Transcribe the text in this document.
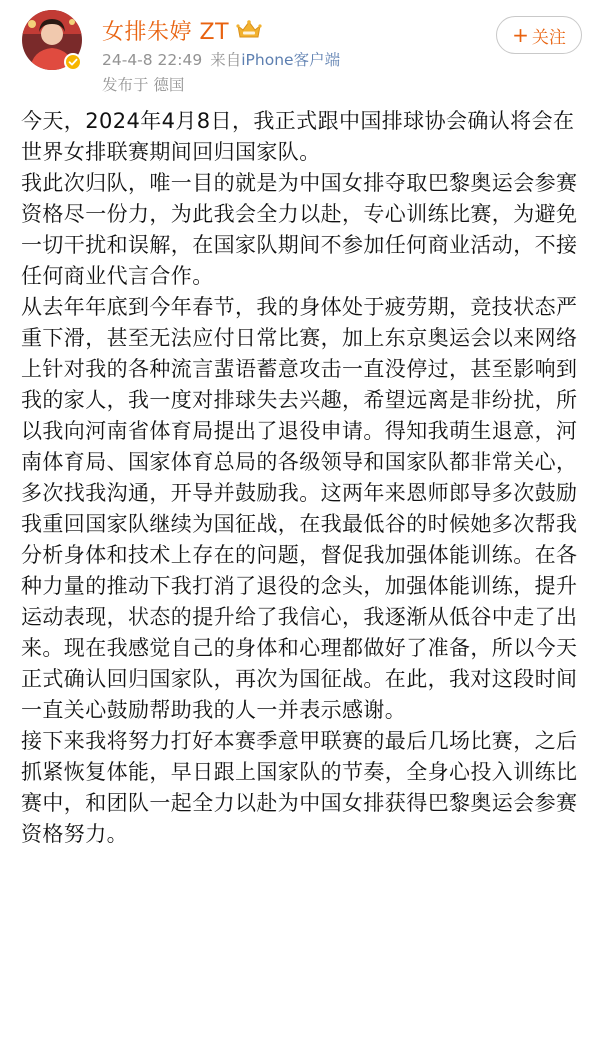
女排朱婷 ZT
24-4-8 22:49 来自iPhone客户端
发布于 德国
+ 关注

今天，2024年4月8日，我正式跟中国排球协会确认将会在世界女排联赛期间回归国家队。

我此次归队，唯一目的就是为中国女排夺取巴黎奥运会参赛资格尽一份力，为此我会全力以赴，专心训练比赛，为避免一切干扰和误解，在国家队期间不参加任何商业活动，不接任何商业代言合作。

从去年年底到今年春节，我的身体处于疲劳期，竞技状态严重下滑，甚至无法应付日常比赛，加上东京奥运会以来网络上针对我的各种流言蜚语蓄意攻击一直没停过，甚至影响到我的家人，我一度对排球失去兴趣，希望远离是非纷扰，所以我向河南省体育局提出了退役申请。得知我萌生退意，河南体育局、国家体育总局的各级领导和国家队都非常关心，多次找我沟通，开导并鼓励我。这两年来恩师郎导多次鼓励我重回国家队继续为国征战，在我最低谷的时候她多次帮我分析身体和技术上存在的问题，督促我加强体能训练。在各种力量的推动下我打消了退役的念头，加强体能训练，提升运动表现，状态的提升给了我信心，我逐渐从低谷中走了出来。现在我感觉自己的身体和心理都做好了准备，所以今天正式确认回归国家队，再次为国征战。在此，我对这段时间一直关心鼓励帮助我的人一并表示感谢。

接下来我将努力打好本赛季意甲联赛的最后几场比赛，之后抓紧恢复体能，早日跟上国家队的节奏，全身心投入训练比赛中，和团队一起全力以赴为中国女排获得巴黎奥运会参赛资格努力。
